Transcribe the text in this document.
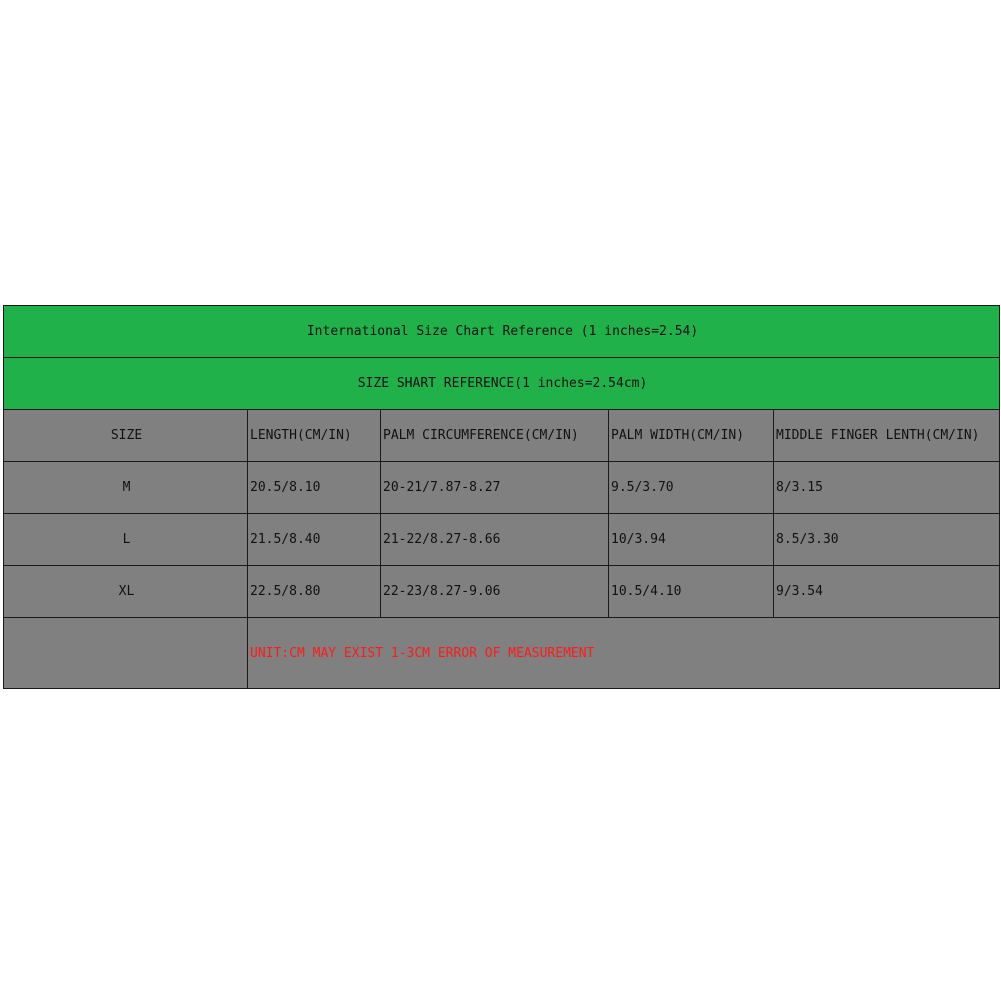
International Size Chart Reference (1 inches=2.54)				
SIZE SHART REFERENCE(1 inches=2.54cm)				
SIZE	LENGTH(CM/IN)	PALM CIRCUMFERENCE(CM/IN)	PALM WIDTH(CM/IN)	MIDDLE FINGER LENTH(CM/IN)
M	20.5/8.10	20-21/7.87-8.27	9.5/3.70	8/3.15
L	21.5/8.40	21-22/8.27-8.66	10/3.94	8.5/3.30
XL	22.5/8.80	22-23/8.27-9.06	10.5/4.10	9/3.54
	UNIT:CM MAY EXIST 1-3CM ERROR OF MEASUREMENT			
